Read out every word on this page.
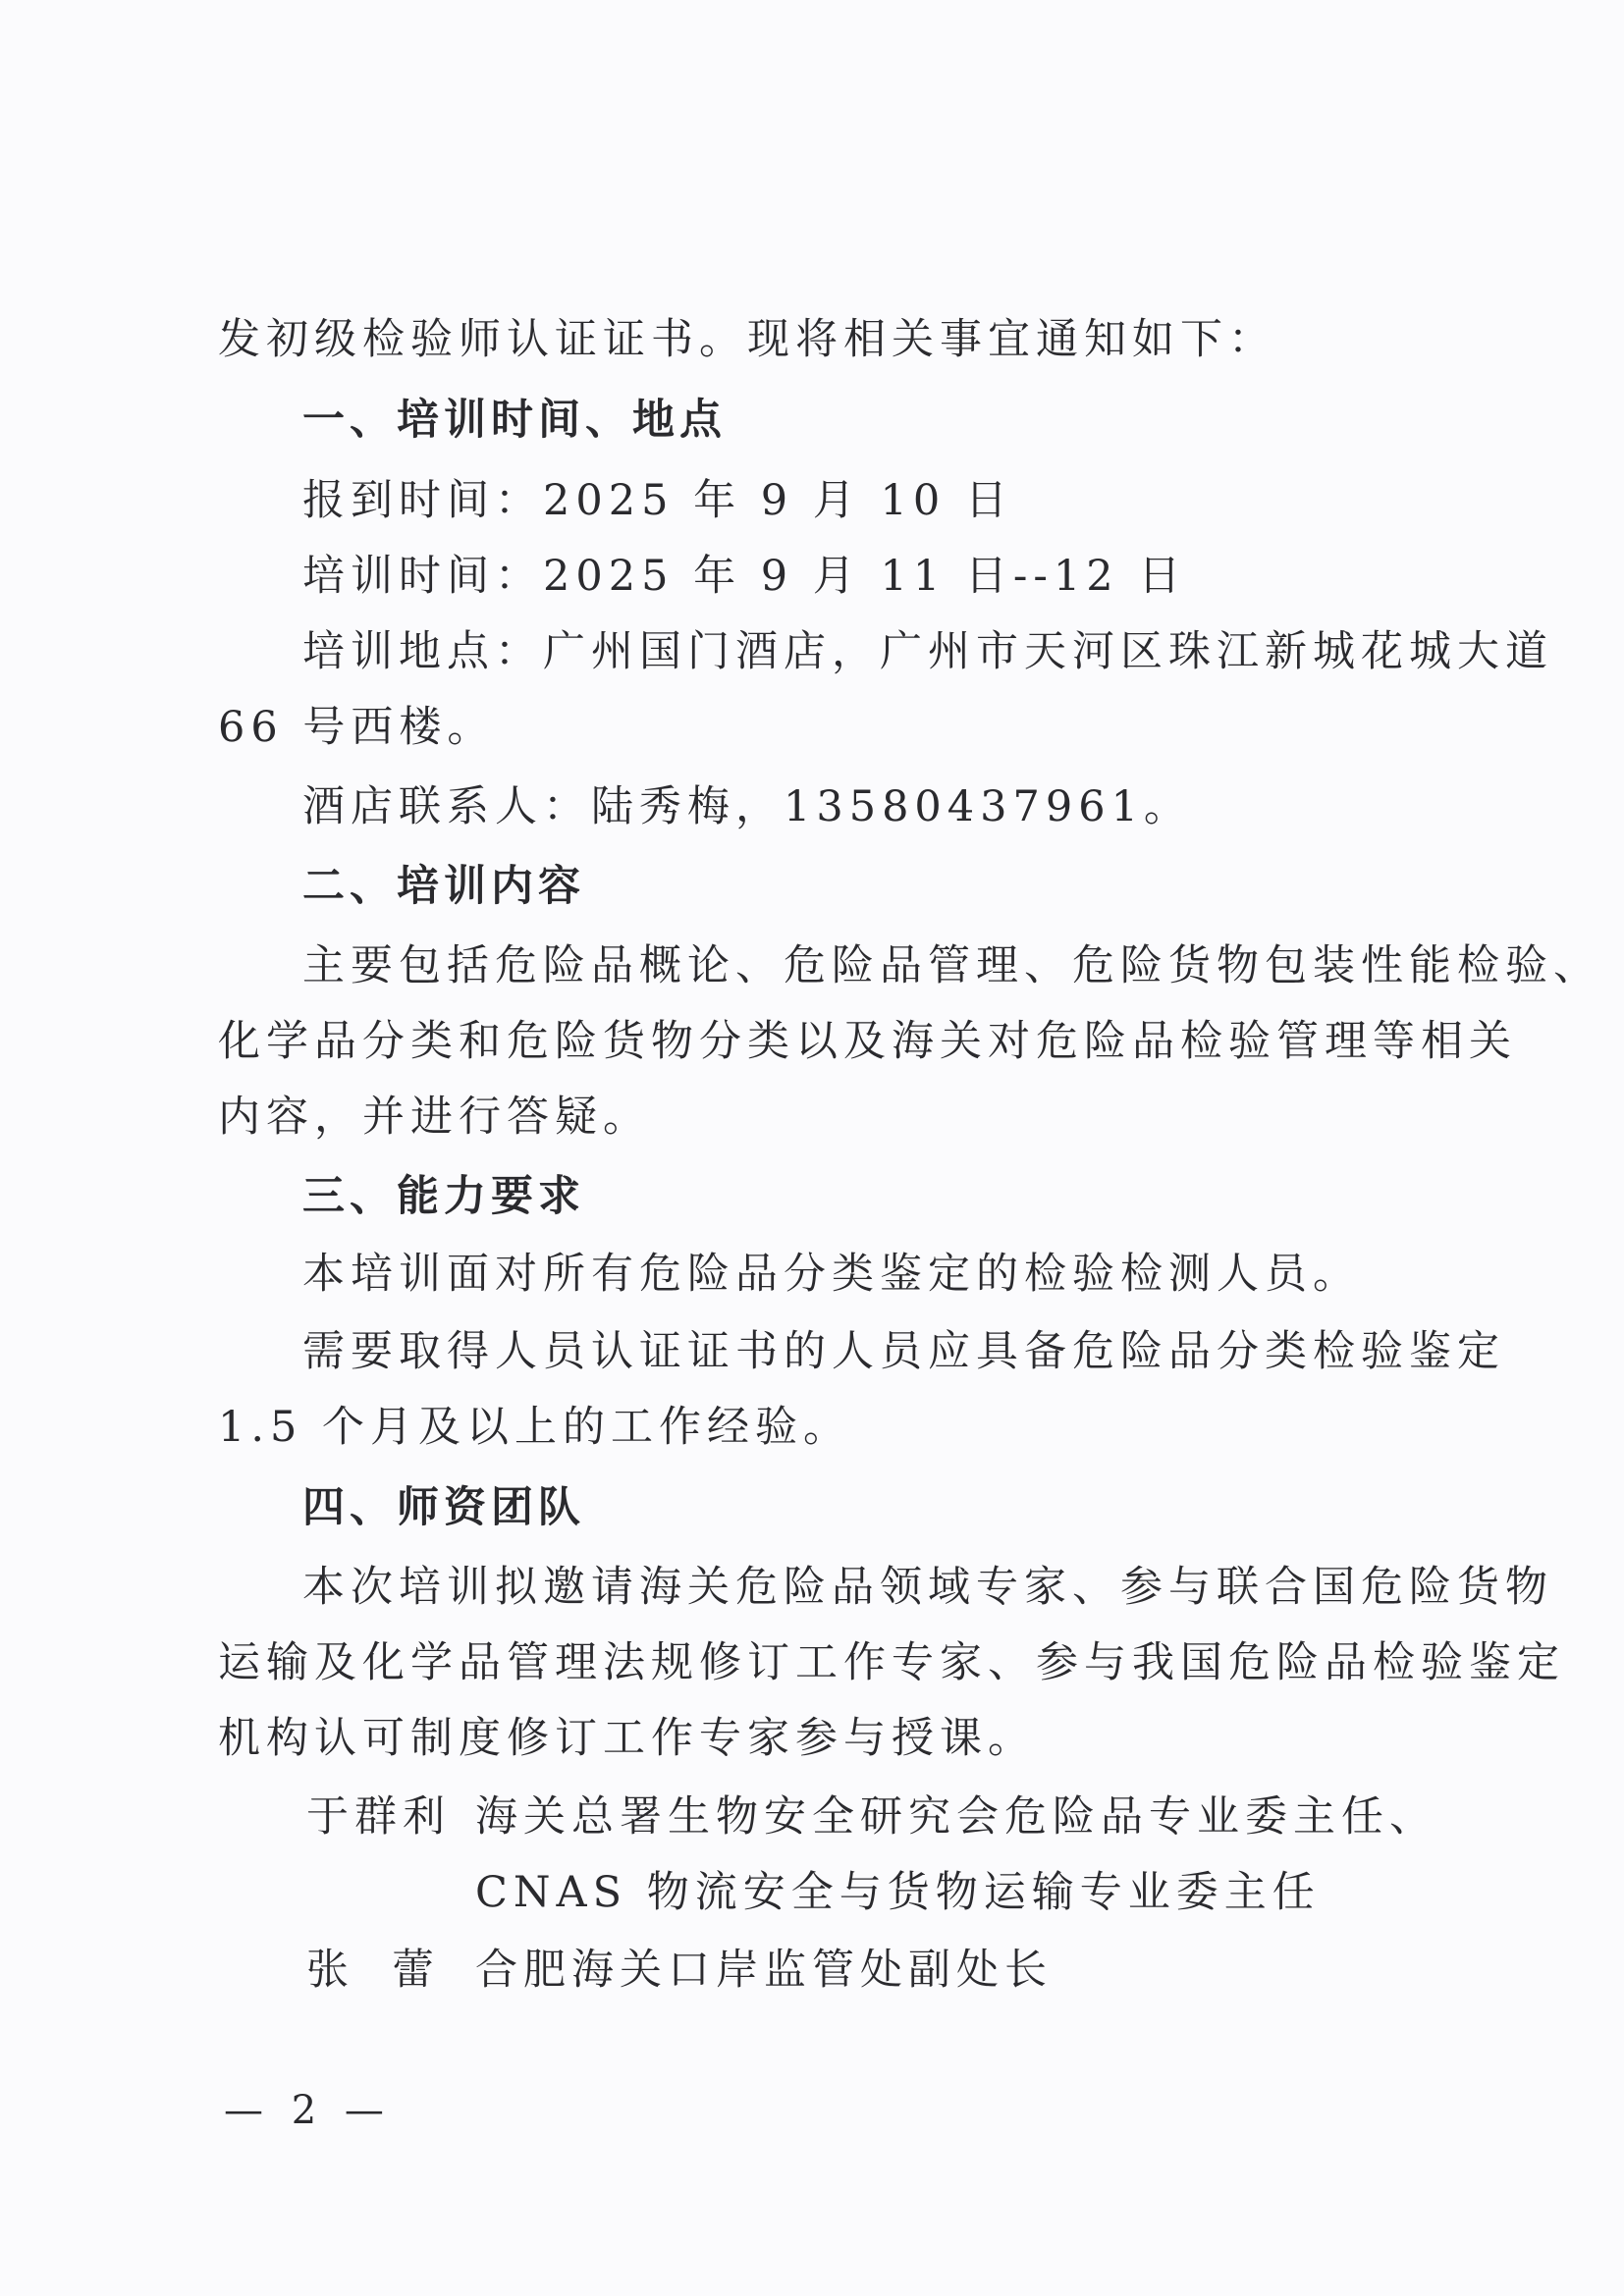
发初级检验师认证证书。现将相关事宜通知如下：
一、培训时间、地点
报到时间：2025 年 9 月 10 日
培训时间：2025 年 9 月 11 日--12 日
培训地点：广州国门酒店，广州市天河区珠江新城花城大道
66 号西楼。
酒店联系人：陆秀梅，13580437961。
二、培训内容
主要包括危险品概论、危险品管理、危险货物包装性能检验、
化学品分类和危险货物分类以及海关对危险品检验管理等相关
内容，并进行答疑。
三、能力要求
本培训面对所有危险品分类鉴定的检验检测人员。
需要取得人员认证证书的人员应具备危险品分类检验鉴定
1.5 个月及以上的工作经验。
四、师资团队
本次培训拟邀请海关危险品领域专家、参与联合国危险货物
运输及化学品管理法规修订工作专家、参与我国危险品检验鉴定
机构认可制度修订工作专家参与授课。
于群利 海关总署生物安全研究会危险品专业委主任、
CNAS 物流安全与货物运输专业委主任
张蕾
合肥海关口岸监管处副处长
— 2 —
